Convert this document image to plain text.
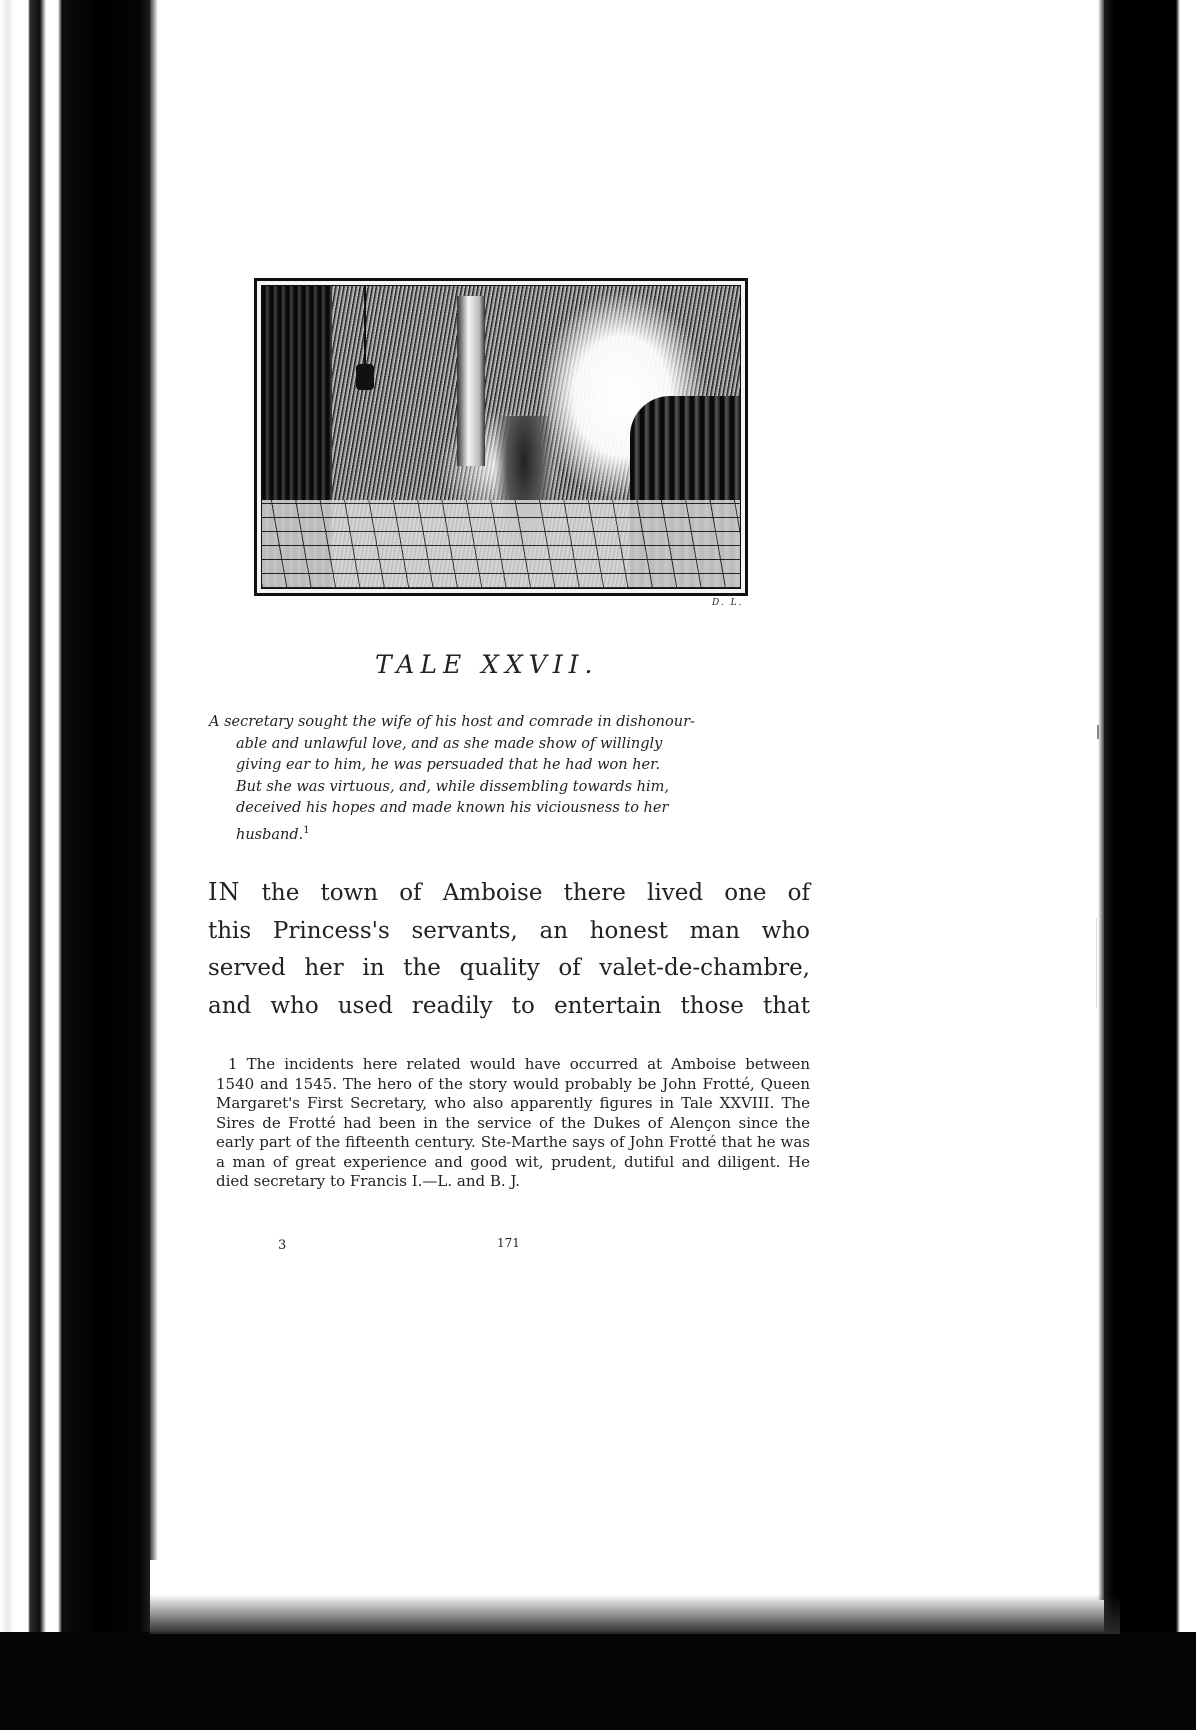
D. L.
TALE XXVII.

A secretary sought the wife of his host and comrade in dishonour-

able and unlawful love, and as she made show of willingly

giving ear to him, he was persuaded that he had won her.

But she was virtuous, and, while dissembling towards him,

deceived his hopes and made known his viciousness to her

husband.$^1$

IN the town of Amboise there lived one of

this Princess's servants, an honest man who

served her in the quality of valet-de-chambre,

and who used readily to entertain those that

1 The incidents here related would have occurred at Amboise between 1540 and 1545. The hero of the story would probably be John Frotté, Queen Margaret's First Secretary, who also apparently figures in Tale XXVIII. The Sires de Frotté had been in the service of the Dukes of Alençon since the early part of the fifteenth century. Ste-Marthe says of John Frotté that he was a man of great experience and good wit, prudent, dutiful and diligent. He died secretary to Francis I.—L. and B. J.

3	171
